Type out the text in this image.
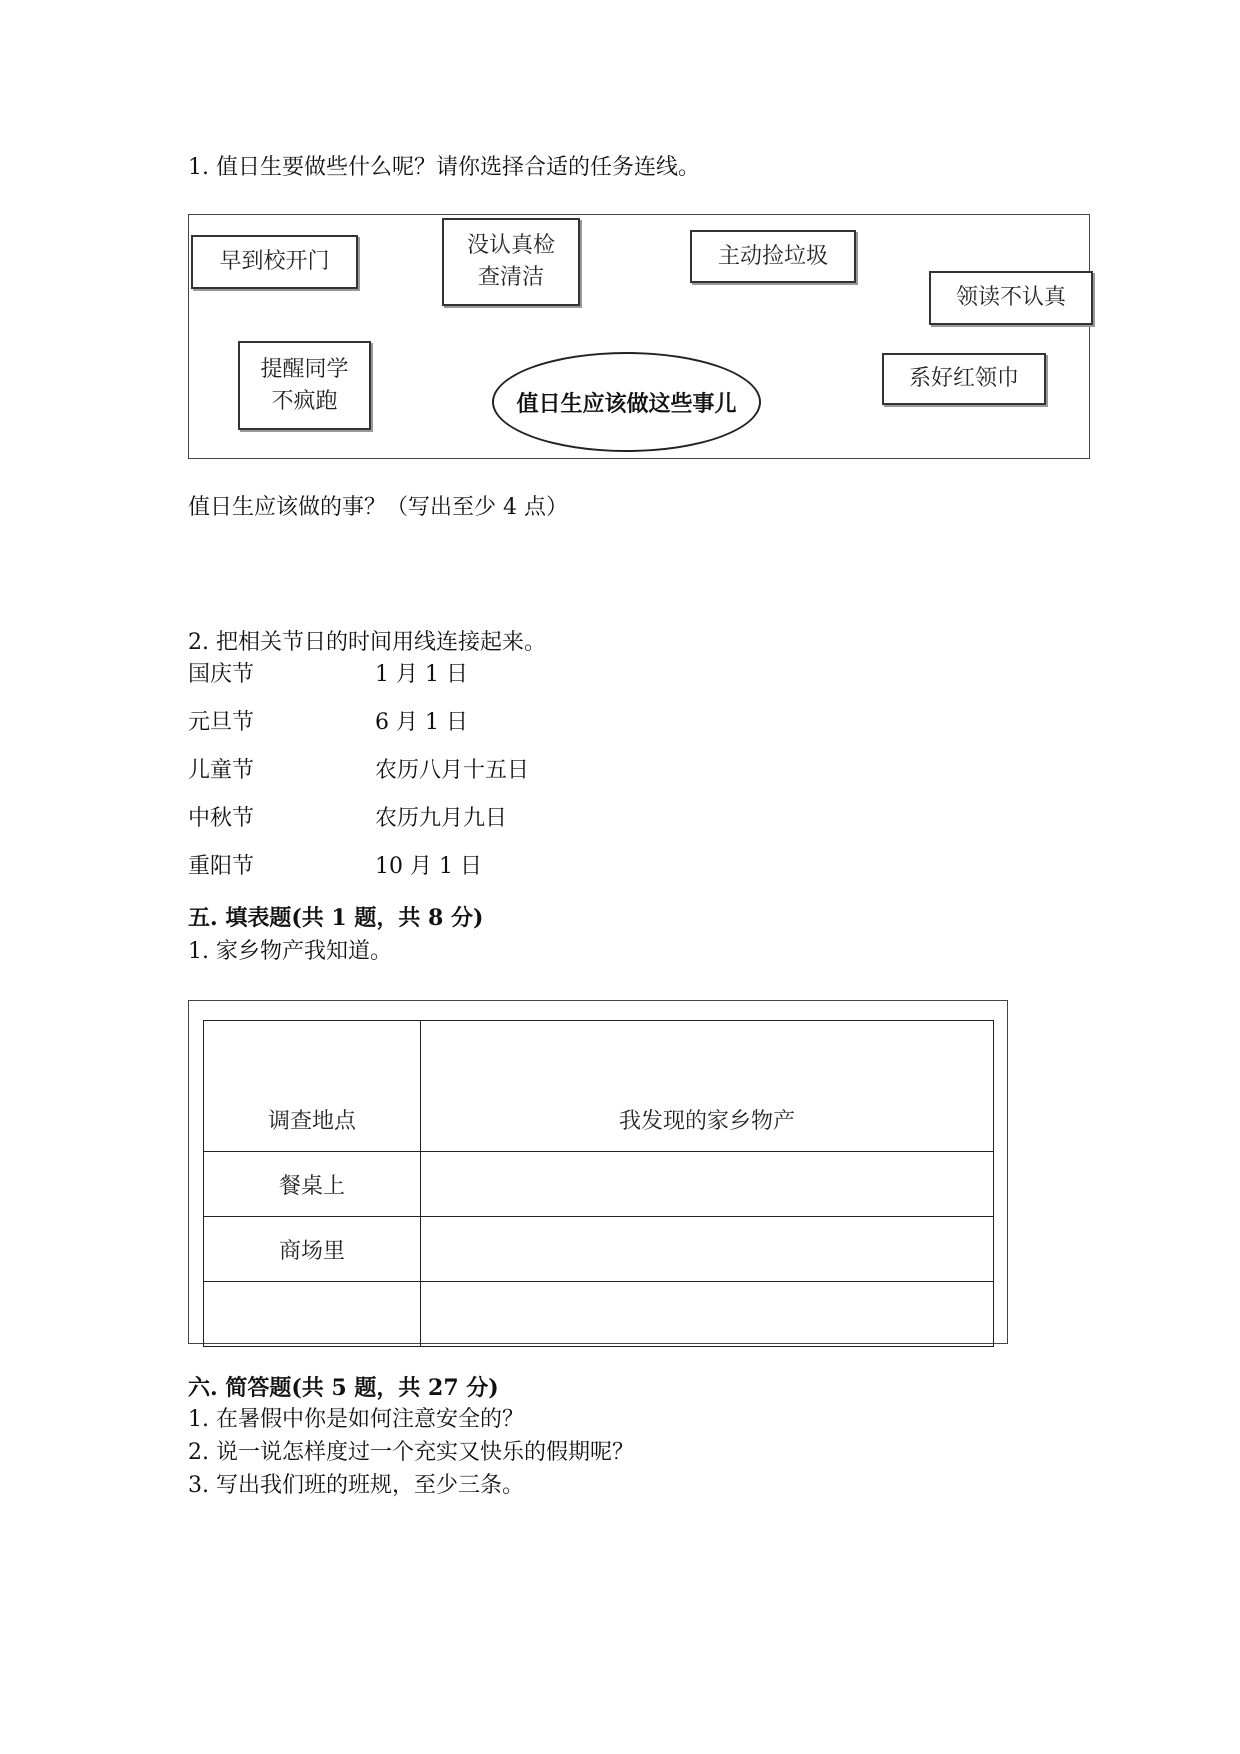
1. 值日生要做些什么呢？请你选择合适的任务连线。
早到校开门
没认真检
查清洁
主动捡垃圾
领读不认真
提醒同学
不疯跑
系好红领巾
值日生应该做这些事儿
值日生应该做的事？（写出至少 4 点）
2. 把相关节日的时间用线连接起来。
国庆节	1 月 1 日
元旦节	6 月 1 日
儿童节	农历八月十五日
中秋节	农历九月九日
重阳节	10 月 1 日
五. 填表题(共 1 题，共 8 分)
1. 家乡物产我知道。
调查地点	我发现的家乡物产
餐桌上	
商场里	

六. 简答题(共 5 题，共 27 分)
1. 在暑假中你是如何注意安全的？
2. 说一说怎样度过一个充实又快乐的假期呢？
3. 写出我们班的班规，至少三条。
